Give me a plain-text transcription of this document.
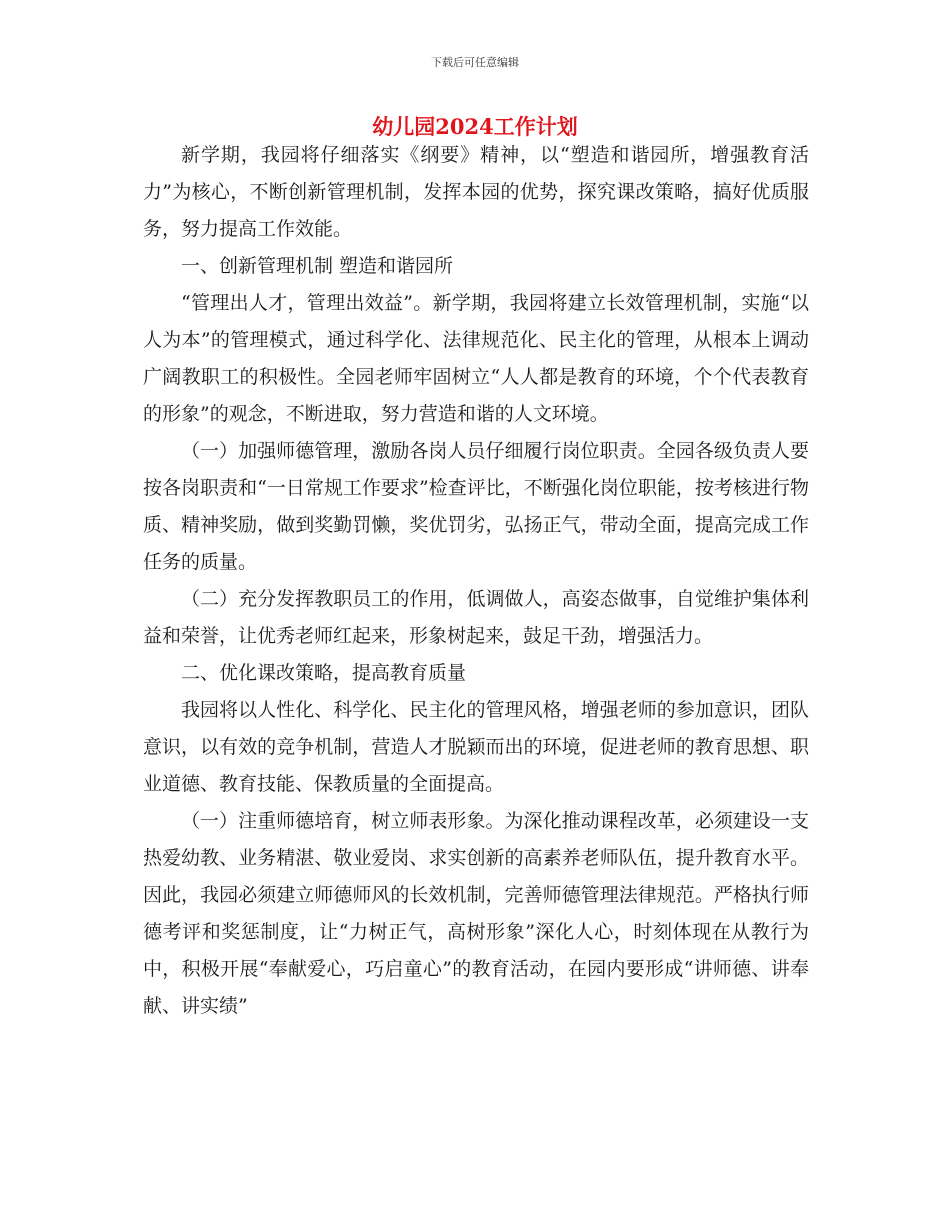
下载后可任意编辑
幼儿园2024工作计划

新学期，我园将仔细落实《纲要》精神，以“塑造和谐园所，增强教育活力”为核心，不断创新管理机制，发挥本园的优势，探究课改策略，搞好优质服务，努力提高工作效能。

一、创新管理机制 塑造和谐园所

“管理出人才，管理出效益”。新学期，我园将建立长效管理机制，实施“以人为本”的管理模式，通过科学化、法律规范化、民主化的管理，从根本上调动广阔教职工的积极性。全园老师牢固树立“人人都是教育的环境，个个代表教育的形象”的观念，不断进取，努力营造和谐的人文环境。

（一）加强师德管理，激励各岗人员仔细履行岗位职责。全园各级负责人要按各岗职责和“一日常规工作要求”检查评比，不断强化岗位职能，按考核进行物质、精神奖励，做到奖勤罚懒，奖优罚劣，弘扬正气，带动全面，提高完成工作任务的质量。

（二）充分发挥教职员工的作用，低调做人，高姿态做事，自觉维护集体利益和荣誉，让优秀老师红起来，形象树起来，鼓足干劲，增强活力。

二、优化课改策略，提高教育质量

我园将以人性化、科学化、民主化的管理风格，增强老师的参加意识，团队意识，以有效的竞争机制，营造人才脱颖而出的环境，促进老师的教育思想、职业道德、教育技能、保教质量的全面提高。

（一）注重师德培育，树立师表形象。为深化推动课程改革，必须建设一支热爱幼教、业务精湛、敬业爱岗、求实创新的高素养老师队伍，提升教育水平。因此，我园必须建立师德师风的长效机制，完善师德管理法律规范。严格执行师德考评和奖惩制度，让“力树正气，高树形象”深化人心，时刻体现在从教行为中，积极开展“奉献爱心，巧启童心”的教育活动，在园内要形成“讲师德、讲奉献、讲实绩”
